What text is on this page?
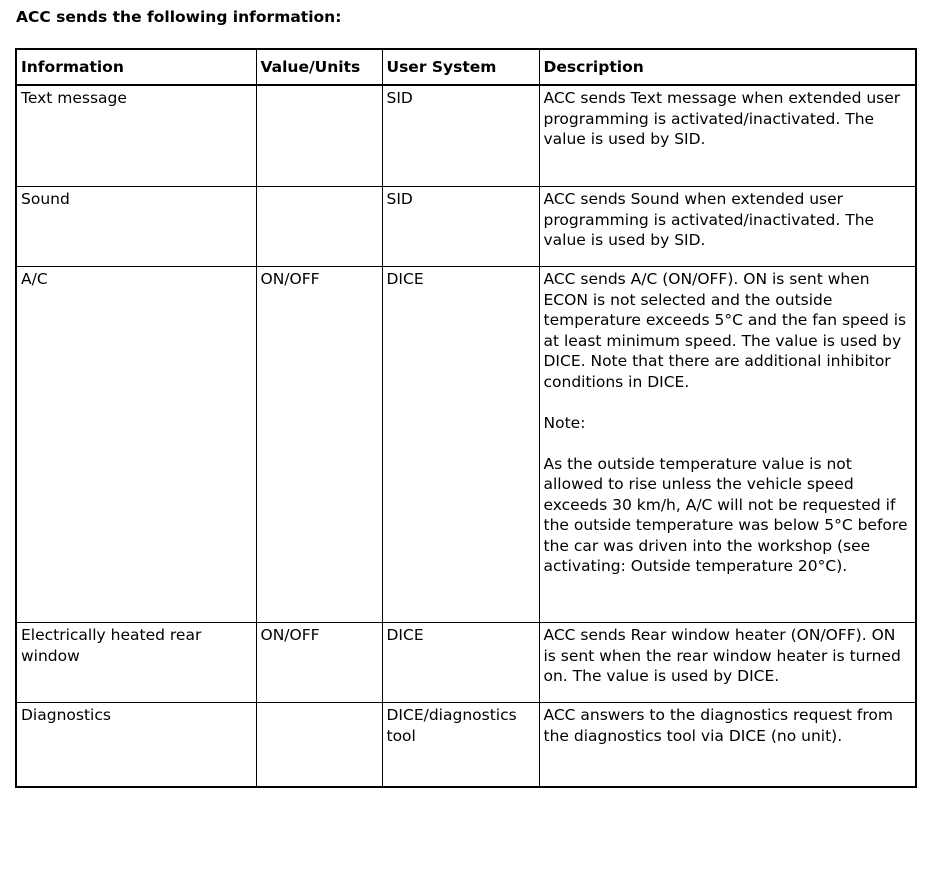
ACC sends the following information:
Information	Value/Units	User System	Description
Text message		SID	ACC sends Text message when extended user programming is activated/inactivated. The value is used by SID.
Sound		SID	ACC sends Sound when extended user programming is activated/inactivated. The value is used by SID.
A/C	ON/OFF	DICE	ACC sends A/C (ON/OFF). ON is sent when ECON is not selected and the outside temperature exceeds 5°C and the fan speed is at least minimum speed. The value is used by DICE. Note that there are additional inhibitor conditions in DICE.
Note:
As the outside temperature value is not allowed to rise unless the vehicle speed exceeds 30 km/h, A/C will not be requested if the outside temperature was below 5°C before the car was driven into the workshop (see activating: Outside temperature 20°C).

Electrically heated rear window	ON/OFF	DICE	ACC sends Rear window heater (ON/OFF). ON is sent when the rear window heater is turned on. The value is used by DICE.
Diagnostics		DICE/diagnostics tool	ACC answers to the diagnostics request from the diagnostics tool via DICE (no unit).
